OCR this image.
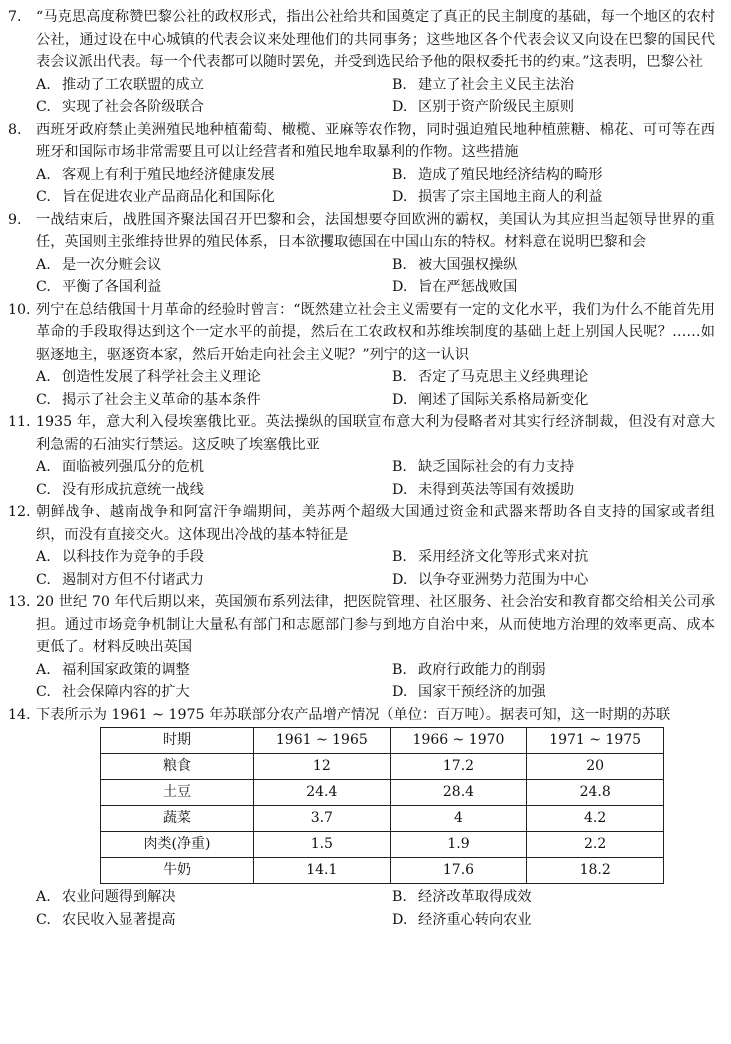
7.	“马克思高度称赞巴黎公社的政权形式，指出公社给共和国奠定了真正的民主制度的基础，每一个地区的农村公社，通过设在中心城镇的代表会议来处理他们的共同事务；这些地区各个代表会议又向设在巴黎的国民代表会议派出代表。每一个代表都可以随时罢免，并受到选民给予他的限权委托书的约束。”这表明，巴黎公社
A. 推动了工农联盟的成立	B. 建立了社会主义民主法治
C. 实现了社会各阶级联合	D. 区别于资产阶级民主原则
8.	西班牙政府禁止美洲殖民地种植葡萄、橄榄、亚麻等农作物，同时强迫殖民地种植蔗糖、棉花、可可等在西班牙和国际市场非常需要且可以让经营者和殖民地牟取暴利的作物。这些措施
A. 客观上有利于殖民地经济健康发展	B. 造成了殖民地经济结构的畸形
C. 旨在促进农业产品商品化和国际化	D. 损害了宗主国地主商人的利益
9.	一战结束后，战胜国齐聚法国召开巴黎和会，法国想要夺回欧洲的霸权，美国认为其应担当起领导世界的重任，英国则主张维持世界的殖民体系，日本欲攫取德国在中国山东的特权。材料意在说明巴黎和会
A. 是一次分赃会议	B. 被大国强权操纵
C. 平衡了各国利益	D. 旨在严惩战败国
10. 列宁在总结俄国十月革命的经验时曾言：“既然建立社会主义需要有一定的文化水平，我们为什么不能首先用革命的手段取得达到这个一定水平的前提，然后在工农政权和苏维埃制度的基础上赶上别国人民呢？……如驱逐地主，驱逐资本家，然后开始走向社会主义呢？”列宁的这一认识
A. 创造性发展了科学社会主义理论	B. 否定了马克思主义经典理论
C. 揭示了社会主义革命的基本条件	D. 阐述了国际关系格局新变化
11. 1935 年，意大利入侵埃塞俄比亚。英法操纵的国联宣布意大利为侵略者对其实行经济制裁，但没有对意大利急需的石油实行禁运。这反映了埃塞俄比亚
A. 面临被列强瓜分的危机	B. 缺乏国际社会的有力支持
C. 没有形成抗意统一战线	D. 未得到英法等国有效援助
12. 朝鲜战争、越南战争和阿富汗争端期间，美苏两个超级大国通过资金和武器来帮助各自支持的国家或者组织，而没有直接交火。这体现出冷战的基本特征是
A. 以科技作为竞争的手段	B. 采用经济文化等形式来对抗
C. 遏制对方但不付诸武力	D. 以争夺亚洲势力范围为中心
13. 20 世纪 70 年代后期以来，英国颁布系列法律，把医院管理、社区服务、社会治安和教育都交给相关公司承担。通过市场竞争机制让大量私有部门和志愿部门参与到地方自治中来，从而使地方治理的效率更高、成本更低了。材料反映出英国
A. 福利国家政策的调整	B. 政府行政能力的削弱
C. 社会保障内容的扩大	D. 国家干预经济的加强
14. 下表所示为 1961 ~ 1975 年苏联部分农产品增产情况（单位：百万吨）。据表可知，这一时期的苏联
时期	1961 ~ 1965	1966 ~ 1970	1971 ~ 1975
粮食	12	17.2	20
土豆	24.4	28.4	24.8
蔬菜	3.7	4	4.2
肉类(净重)	1.5	1.9	2.2
牛奶	14.1	17.6	18.2
A. 农业问题得到解决	B. 经济改革取得成效
C. 农民收入显著提高	D. 经济重心转向农业
